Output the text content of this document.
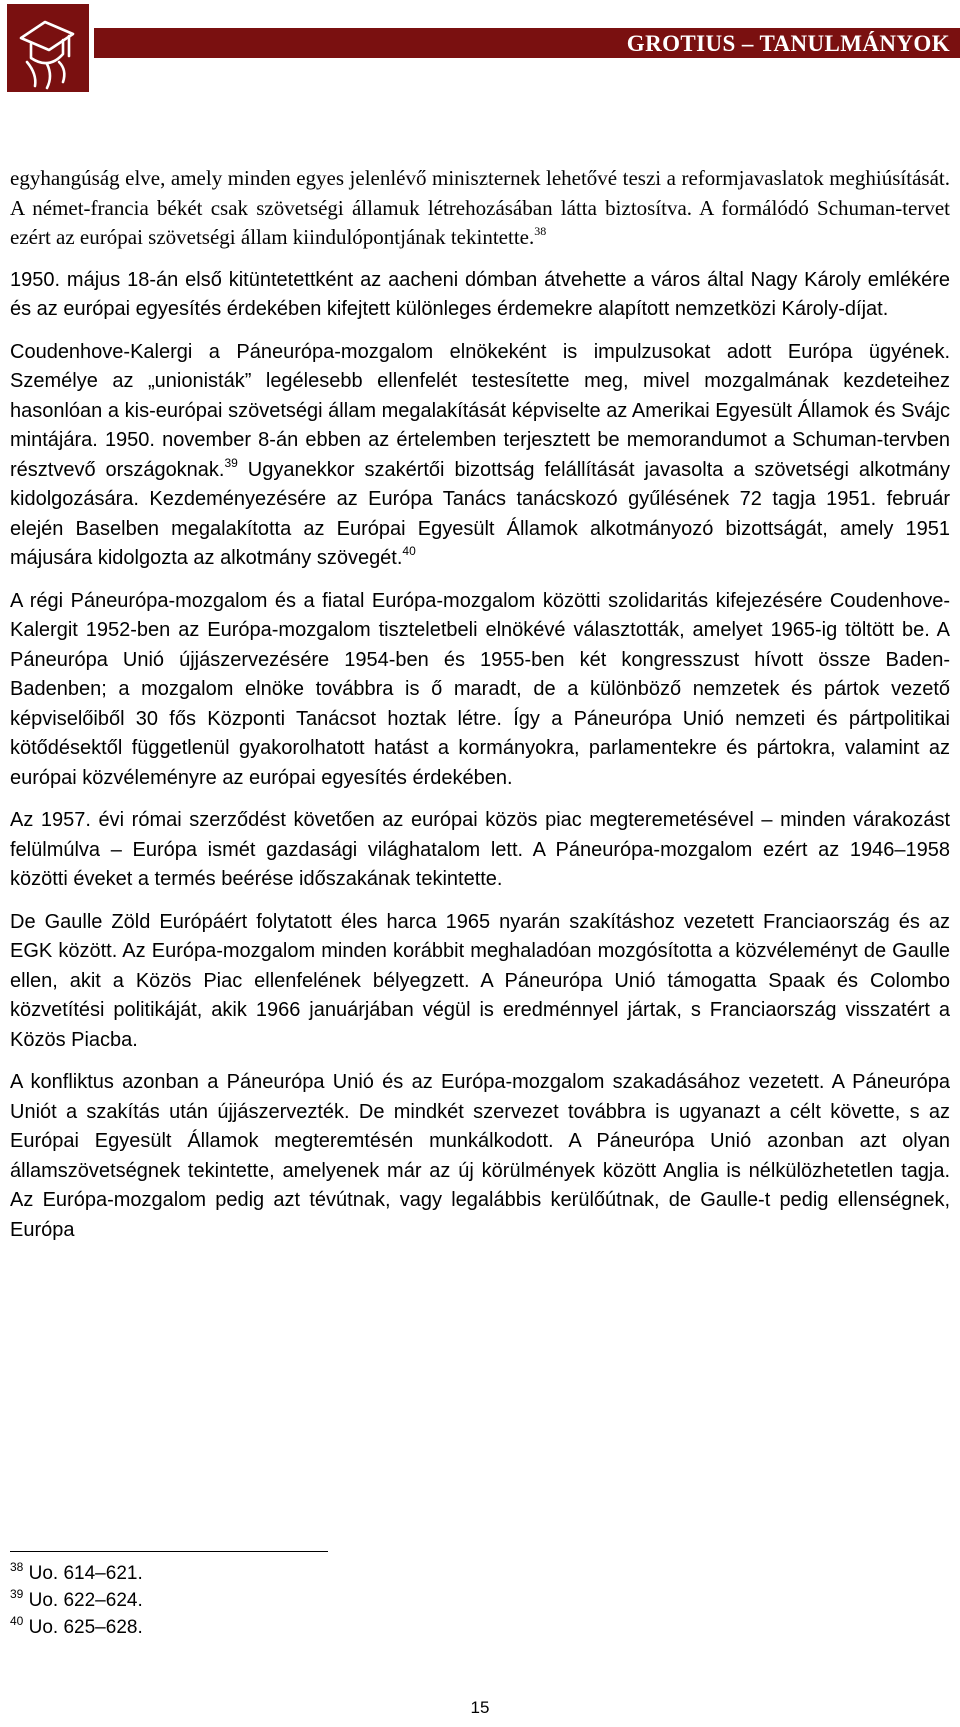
GROTIUS – TANULMÁNYOK

egyhangúság elve, amely minden egyes jelenlévő miniszternek lehetővé teszi a reformjavaslatok meghiúsítását. A német-francia békét csak szövetségi államuk létrehozásában látta biztosítva. A formálódó Schuman-tervet ezért az európai szövetségi állam kiindulópontjának tekintette.$^{38}$

1950. május 18-án első kitüntetettként az aacheni dómban átvehette a város által Nagy Károly emlékére és az európai egyesítés érdekében kifejtett különleges érdemekre alapított nemzetközi Károly-díjat.

Coudenhove-Kalergi a Páneurópa-mozgalom elnökeként is impulzusokat adott Európa ügyének. Személye az „unionisták” legélesebb ellenfelét testesítette meg, mivel mozgalmának kezdeteihez hasonlóan a kis-európai szövetségi állam megalakítását képviselte az Amerikai Egyesült Államok és Svájc mintájára. 1950. november 8-án ebben az értelemben terjesztett be memorandumot a Schuman-tervben résztvevő országoknak.$^{39}$ Ugyanekkor szakértői bizottság felállítását javasolta a szövetségi alkotmány kidolgozására. Kezdeményezésére az Európa Tanács tanácskozó gyűlésének 72 tagja 1951. február elején Baselben megalakította az Európai Egyesült Államok alkotmányozó bizottságát, amely 1951 májusára kidolgozta az alkotmány szövegét.$^{40}$

A régi Páneurópa-mozgalom és a fiatal Európa-mozgalom közötti szolidaritás kifejezésére Coudenhove-Kalergit 1952-ben az Európa-mozgalom tiszteletbeli elnökévé választották, amelyet 1965-ig töltött be. A Páneurópa Unió újjászervezésére 1954-ben és 1955-ben két kongresszust hívott össze Baden-Badenben; a mozgalom elnöke továbbra is ő maradt, de a különböző nemzetek és pártok vezető képviselőiből 30 fős Központi Tanácsot hoztak létre. Így a Páneurópa Unió nemzeti és pártpolitikai kötődésektől függetlenül gyakorolhatott hatást a kormányokra, parlamentekre és pártokra, valamint az európai közvéleményre az európai egyesítés érdekében.

Az 1957. évi római szerződést követően az európai közös piac megteremetésével – minden várakozást felülmúlva – Európa ismét gazdasági világhatalom lett. A Páneurópa-mozgalom ezért az 1946–1958 közötti éveket a termés beérése időszakának tekintette.

De Gaulle Zöld Európáért folytatott éles harca 1965 nyarán szakításhoz vezetett Franciaország és az EGK között. Az Európa-mozgalom minden korábbit meghaladóan mozgósította a közvéleményt de Gaulle ellen, akit a Közös Piac ellenfelének bélyegzett. A Páneurópa Unió támogatta Spaak és Colombo közvetítési politikáját, akik 1966 januárjában végül is eredménnyel jártak, s Franciaország visszatért a Közös Piacba.

A konfliktus azonban a Páneurópa Unió és az Európa-mozgalom szakadásához vezetett. A Páneurópa Uniót a szakítás után újjászervezték. De mindkét szervezet továbbra is ugyanazt a célt követte, s az Európai Egyesült Államok megteremtésén munkálkodott. A Páneurópa Unió azonban azt olyan államszövetségnek tekintette, amelyenek már az új körülmények között Anglia is nélkülözhetetlen tagja. Az Európa-mozgalom pedig azt tévútnak, vagy legalábbis kerülőútnak, de Gaulle-t pedig ellenségnek, Európa

$^{38}$ Uo. 614–621.
$^{39}$ Uo. 622–624.
$^{40}$ Uo. 625–628.
15
